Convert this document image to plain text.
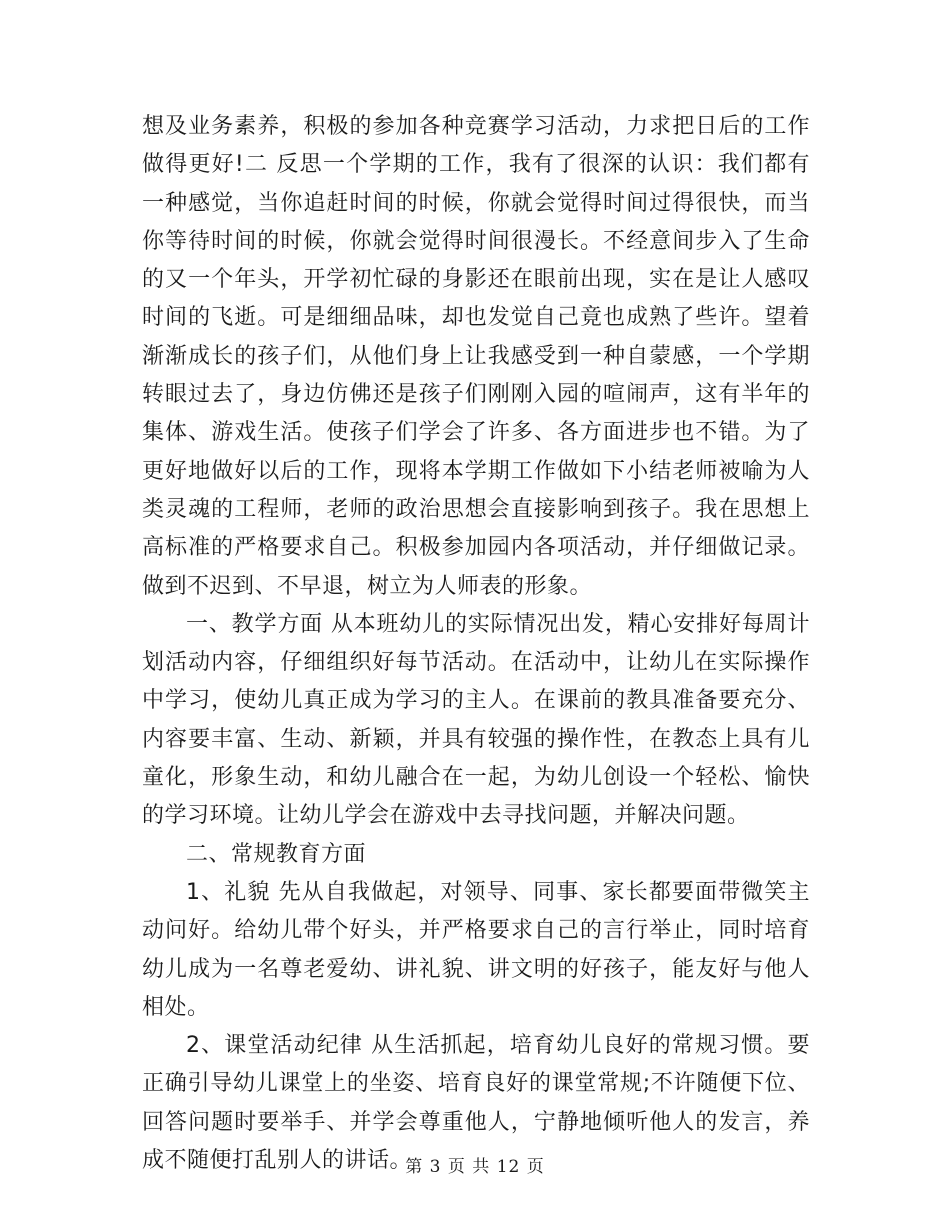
想及业务素养，积极的参加各种竞赛学习活动，力求把日后的工作做得更好!二 反思一个学期的工作，我有了很深的认识：我们都有一种感觉，当你追赶时间的时候，你就会觉得时间过得很快，而当你等待时间的时候，你就会觉得时间很漫长。不经意间步入了生命的又一个年头，开学初忙碌的身影还在眼前出现，实在是让人感叹时间的飞逝。可是细细品味，却也发觉自己竟也成熟了些许。望着渐渐成长的孩子们，从他们身上让我感受到一种自蒙感，一个学期转眼过去了，身边仿佛还是孩子们刚刚入园的喧闹声，这有半年的集体、游戏生活。使孩子们学会了许多、各方面进步也不错。为了更好地做好以后的工作，现将本学期工作做如下小结老师被喻为人类灵魂的工程师，老师的政治思想会直接影响到孩子。我在思想上高标准的严格要求自己。积极参加园内各项活动，并仔细做记录。做到不迟到、不早退，树立为人师表的形象。

一、教学方面 从本班幼儿的实际情况出发，精心安排好每周计划活动内容，仔细组织好每节活动。在活动中，让幼儿在实际操作中学习，使幼儿真正成为学习的主人。在课前的教具准备要充分、内容要丰富、生动、新颖，并具有较强的操作性，在教态上具有儿童化，形象生动，和幼儿融合在一起，为幼儿创设一个轻松、愉快的学习环境。让幼儿学会在游戏中去寻找问题，并解决问题。

二、常规教育方面

1、礼貌 先从自我做起，对领导、同事、家长都要面带微笑主动问好。给幼儿带个好头，并严格要求自己的言行举止，同时培育幼儿成为一名尊老爱幼、讲礼貌、讲文明的好孩子，能友好与他人相处。

2、课堂活动纪律 从生活抓起，培育幼儿良好的常规习惯。要正确引导幼儿课堂上的坐姿、培育良好的课堂常规;不许随便下位、回答问题时要举手、并学会尊重他人，宁静地倾听他人的发言，养成不随便打乱别人的讲话。

第 3 页 共 12 页
